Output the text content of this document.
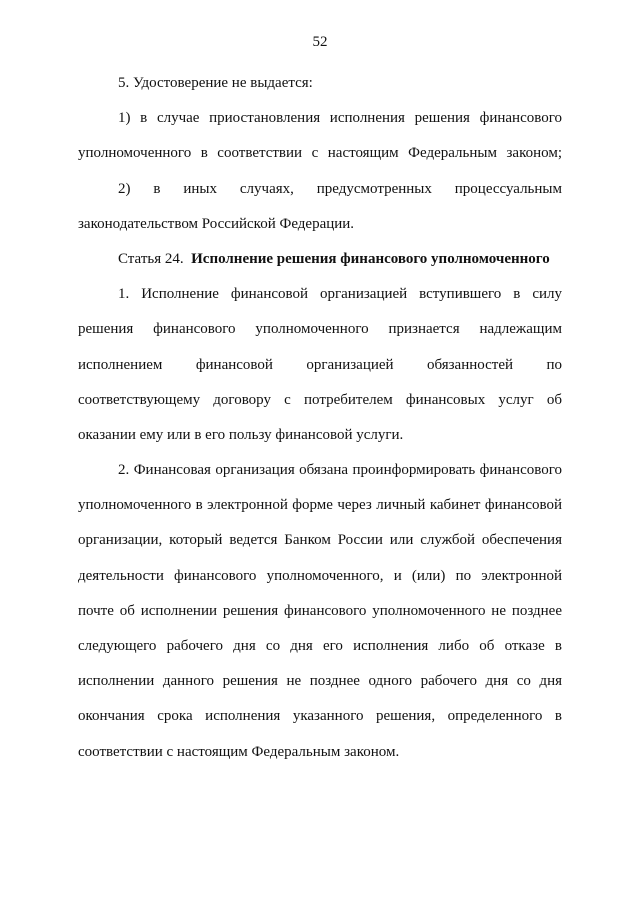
52
5. Удостоверение не выдается:
1) в случае приостановления исполнения решения финансового
уполномоченного в соответствии с настоящим Федеральным законом;
2) в иных случаях, предусмотренных процессуальным
законодательством Российской Федерации.
Статья 24. Исполнение решения финансового уполномоченного
1. Исполнение финансовой организацией вступившего в силу
решения финансового уполномоченного признается надлежащим
исполнением финансовой организацией обязанностей по
соответствующему договору с потребителем финансовых услуг об
оказании ему или в его пользу финансовой услуги.
2. Финансовая организация обязана проинформировать финансового
уполномоченного в электронной форме через личный кабинет финансовой
организации, который ведется Банком России или службой обеспечения
деятельности финансового уполномоченного, и (или) по электронной
почте об исполнении решения финансового уполномоченного не позднее
следующего рабочего дня со дня его исполнения либо об отказе в
исполнении данного решения не позднее одного рабочего дня со дня
окончания срока исполнения указанного решения, определенного в
соответствии с настоящим Федеральным законом.
